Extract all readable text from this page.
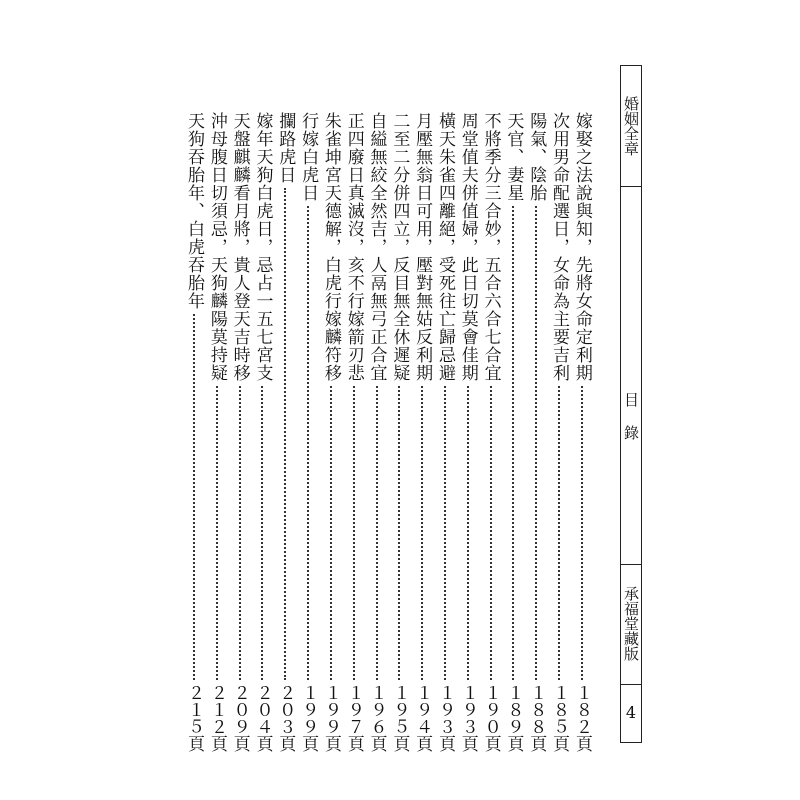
婚姻全章
目 錄
承福堂藏版
4
嫁娶之法說與知，先將女命定利期
１８２頁
次用男命配選日，女命為主要吉利
１８５頁
陽氣、陰胎
１８８頁
天官、妻星
１８９頁
不將季分三合妙，五合六合七合宜
１９０頁
周堂值夫併值婦，此日切莫會佳期
１９３頁
橫天朱雀四離絕，受死往亡歸忌避
１９３頁
月壓無翁日可用，壓對無姑反利期
１９４頁
二至二分併四立，反目無全休遲疑
１９５頁
自縊無絞全然吉，人鬲無弓正合宜
１９６頁
正四廢日真滅沒，亥不行嫁箭刃悲
１９７頁
朱雀坤宮天德解，白虎行嫁麟符移
１９９頁
行嫁白虎日
１９９頁
攔路虎日
２０３頁
嫁年天狗白虎日，忌占一五七宮支
２０４頁
天盤麒麟看月將，貴人登天吉時移
２０９頁
沖母腹日切須忌，天狗麟陽莫持疑
２１２頁
天狗吞胎年、白虎吞胎年
２１５頁
